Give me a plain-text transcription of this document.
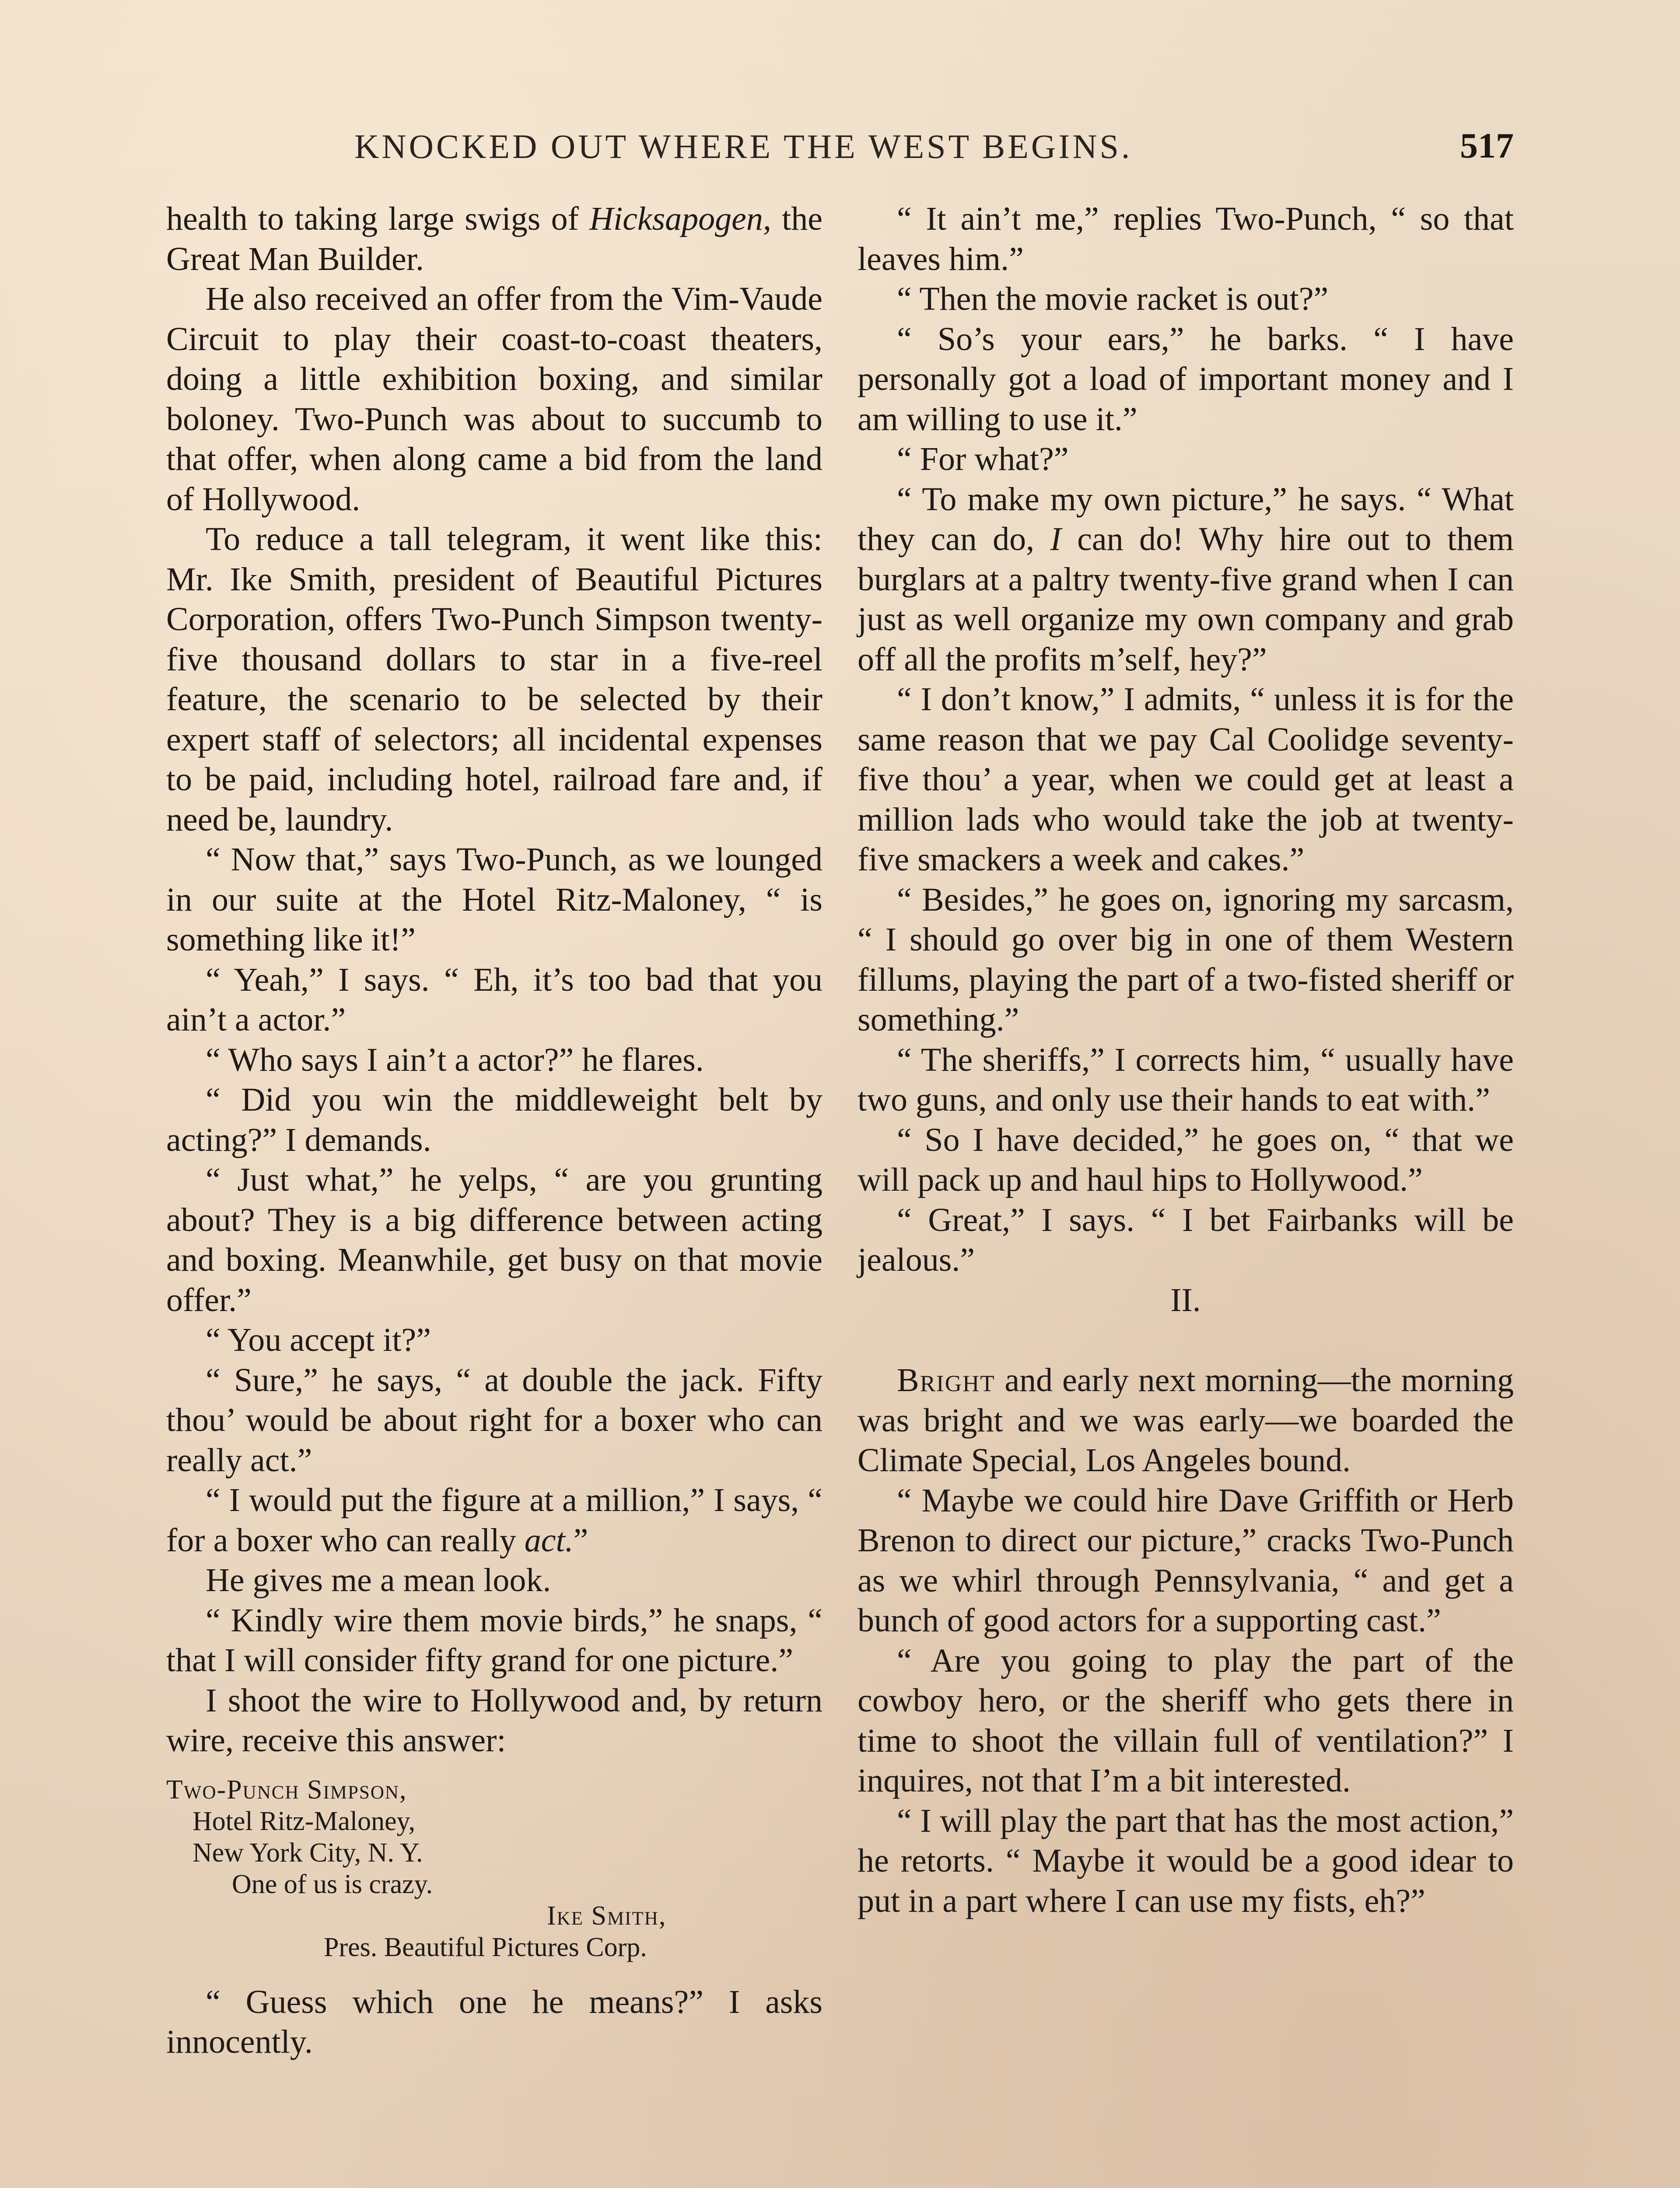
KNOCKED OUT WHERE THE WEST BEGINS.	517

health to taking large swigs of Hicksapogen, the Great Man Builder.

He also received an offer from the Vim-Vaude Circuit to play their coast-to-coast theaters, doing a little exhibition boxing, and similar boloney. Two-Punch was about to succumb to that offer, when along came a bid from the land of Hollywood.

To reduce a tall telegram, it went like this: Mr. Ike Smith, president of Beautiful Pictures Corporation, offers Two-Punch Simpson twenty-five thousand dollars to star in a five-reel feature, the scenario to be selected by their expert staff of selectors; all incidental expenses to be paid, including hotel, railroad fare and, if need be, laundry.

“ Now that,” says Two-Punch, as we lounged in our suite at the Hotel Ritz-Maloney, “ is something like it!”

“ Yeah,” I says. “ Eh, it’s too bad that you ain’t a actor.”

“ Who says I ain’t a actor?” he flares.

“ Did you win the middleweight belt by acting?” I demands.

“ Just what,” he yelps, “ are you grunting about? They is a big difference between acting and boxing. Meanwhile, get busy on that movie offer.”

“ You accept it?”

“ Sure,” he says, “ at double the jack. Fifty thou’ would be about right for a boxer who can really act.”

“ I would put the figure at a million,” I says, “ for a boxer who can really act.”

He gives me a mean look.

“ Kindly wire them movie birds,” he snaps, “ that I will consider fifty grand for one picture.”

I shoot the wire to Hollywood and, by return wire, receive this answer:

Two-Punch Simpson,
Hotel Ritz-Maloney,
New York City, N. Y.
One of us is crazy.
Ike Smith,
Pres. Beautiful Pictures Corp.

“ Guess which one he means?” I asks innocently.

“ It ain’t me,” replies Two-Punch, “ so that leaves him.”

“ Then the movie racket is out?”

“ So’s your ears,” he barks. “ I have personally got a load of important money and I am willing to use it.”

“ For what?”

“ To make my own picture,” he says. “ What they can do, I can do! Why hire out to them burglars at a paltry twenty-five grand when I can just as well organize my own company and grab off all the profits m’self, hey?”

“ I don’t know,” I admits, “ unless it is for the same reason that we pay Cal Coolidge seventy-five thou’ a year, when we could get at least a million lads who would take the job at twenty-five smackers a week and cakes.”

“ Besides,” he goes on, ignoring my sarcasm, “ I should go over big in one of them Western fillums, playing the part of a two-fisted sheriff or something.”

“ The sheriffs,” I corrects him, “ usually have two guns, and only use their hands to eat with.”

“ So I have decided,” he goes on, “ that we will pack up and haul hips to Hollywood.”

“ Great,” I says. “ I bet Fairbanks will be jealous.”

II.

Bright and early next morning—the morning was bright and we was early—we boarded the Climate Special, Los Angeles bound.

“ Maybe we could hire Dave Griffith or Herb Brenon to direct our picture,” cracks Two-Punch as we whirl through Pennsylvania, “ and get a bunch of good actors for a supporting cast.”

“ Are you going to play the part of the cowboy hero, or the sheriff who gets there in time to shoot the villain full of ventilation?” I inquires, not that I’m a bit interested.

“ I will play the part that has the most action,” he retorts. “ Maybe it would be a good idear to put in a part where I can use my fists, eh?”
